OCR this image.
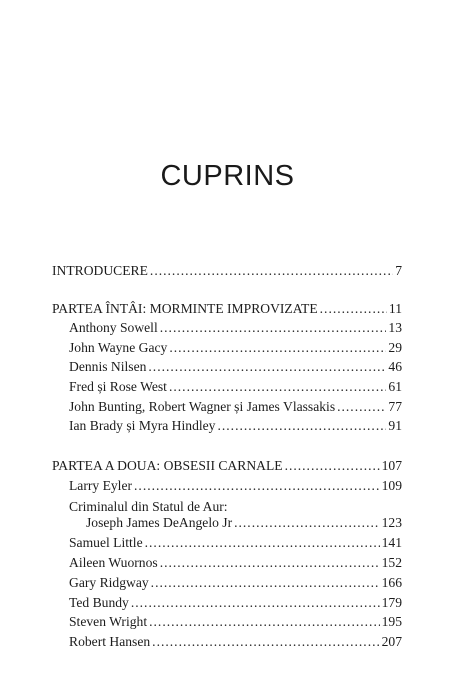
CUPRINS
INTRODUCERE .....	7
PARTEA ÎNTÂI: MORMINTE IMPROVIZATE .....	11
Anthony Sowell .....	13
John Wayne Gacy .....	29
Dennis Nilsen .....	46
Fred și Rose West .....	61
John Bunting, Robert Wagner și James Vlassakis .....	77
Ian Brady și Myra Hindley .....	91
PARTEA A DOUA: OBSESII CARNALE .....	107
Larry Eyler .....	109
Criminalul din Statul de Aur:
Joseph James DeAngelo Jr .....	123
Samuel Little .....	141
Aileen Wuornos .....	152
Gary Ridgway .....	166
Ted Bundy .....	179
Steven Wright .....	195
Robert Hansen .....	207
